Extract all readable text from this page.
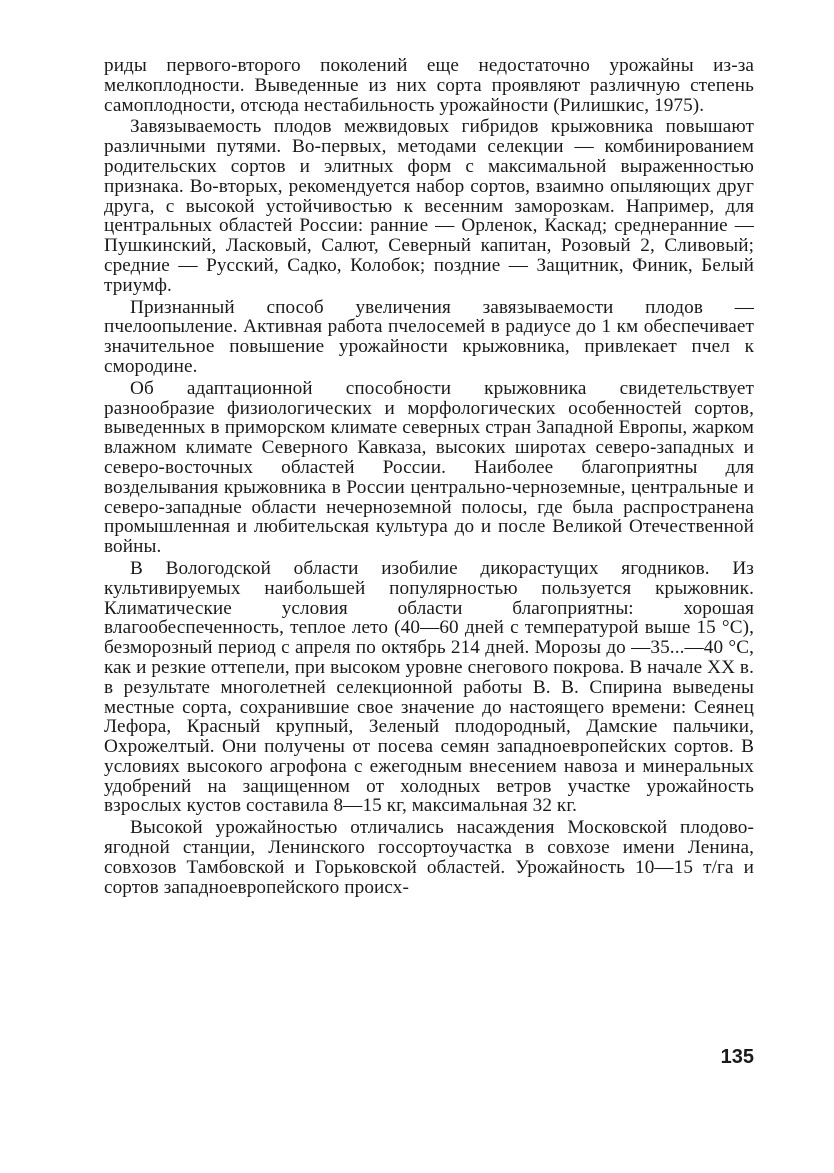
риды первого-второго поколений еще недостаточно урожайны из-за мелкоплодности. Выведенные из них сорта проявляют различную степень самоплодности, отсюда нестабильность урожайности (Рилишкис, 1975).

Завязываемость плодов межвидовых гибридов крыжовника повышают различными путями. Во-первых, методами селекции — комбинированием родительских сортов и элитных форм с максимальной выраженностью признака. Во-вторых, рекомендуется набор сортов, взаимно опыляющих друг друга, с высокой устойчивостью к весенним заморозкам. Например, для центральных областей России: ранние — Орленок, Каскад; среднеранние — Пушкинский, Ласковый, Салют, Северный капитан, Розовый 2, Сливовый; средние — Русский, Садко, Колобок; поздние — Защитник, Финик, Белый триумф.

Признанный способ увеличения завязываемости плодов — пчелоопыление. Активная работа пчелосемей в радиусе до 1 км обеспечивает значительное повышение урожайности крыжовника, привлекает пчел к смородине.

Об адаптационной способности крыжовника свидетельствует разнообразие физиологических и морфологических особенностей сортов, выведенных в приморском климате северных стран Западной Европы, жарком влажном климате Северного Кавказа, высоких широтах северо-западных и северо-восточных областей России. Наиболее благоприятны для возделывания крыжовника в России центрально-черноземные, центральные и северо-западные области нечерноземной полосы, где была распространена промышленная и любительская культура до и после Великой Отечественной войны.

В Вологодской области изобилие дикорастущих ягодников. Из культивируемых наибольшей популярностью пользуется крыжовник. Климатические условия области благоприятны: хорошая влагообеспеченность, теплое лето (40—60 дней с температурой выше 15 °С), безморозный период с апреля по октябрь 214 дней. Морозы до —35...—40 °С, как и резкие оттепели, при высоком уровне снегового покрова. В начале XX в. в результате многолетней селекционной работы В. В. Спирина выведены местные сорта, сохранившие свое значение до настоящего времени: Сеянец Лефора, Красный крупный, Зеленый плодородный, Дамские пальчики, Охрожелтый. Они получены от посева семян западноевропейских сортов. В условиях высокого агрофона с ежегодным внесением навоза и минеральных удобрений на защищенном от холодных ветров участке урожайность взрослых кустов составила 8—15 кг, максимальная 32 кг.

Высокой урожайностью отличались насаждения Московской плодово-ягодной станции, Ленинского госсортоучастка в совхозе имени Ленина, совхозов Тамбовской и Горьковской областей. Урожайность 10—15 т/га и сортов западноевропейского происх-

135
